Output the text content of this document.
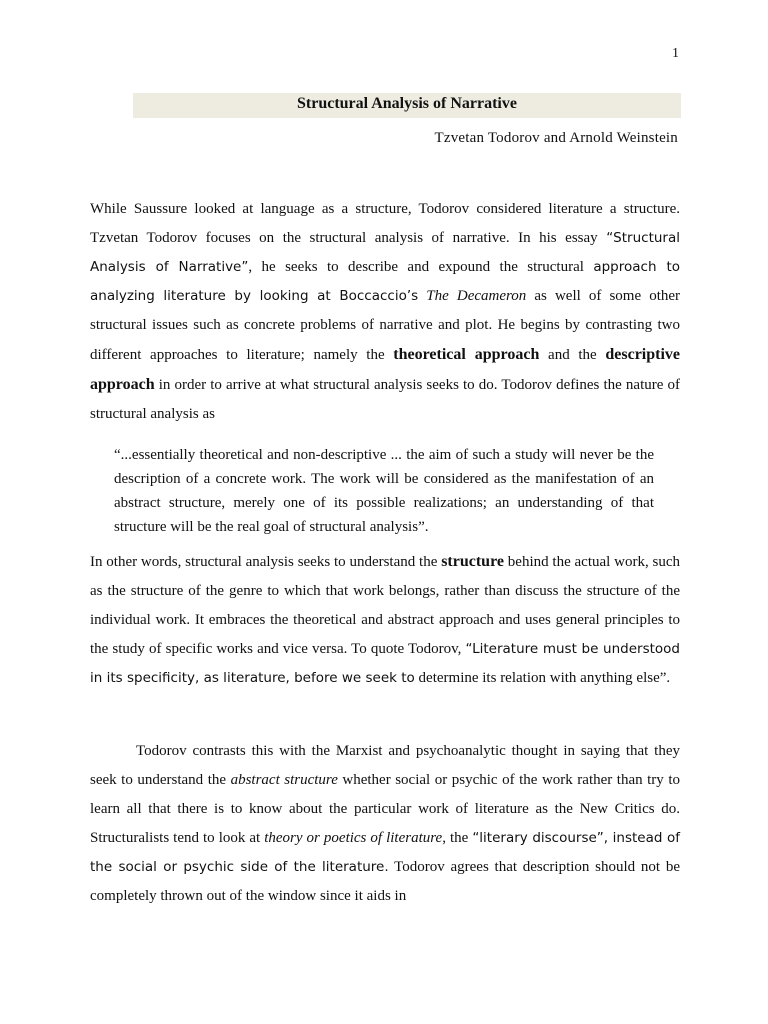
1
Structural Analysis of Narrative
Tzvetan Todorov and Arnold Weinstein

While Saussure looked at language as a structure, Todorov considered literature a structure. Tzvetan Todorov focuses on the structural analysis of narrative. In his essay “Structural Analysis of Narrative”, he seeks to describe and expound the structural approach to analyzing literature by looking at Boccaccio’s The Decameron as well of some other structural issues such as concrete problems of narrative and plot. He begins by contrasting two different approaches to literature; namely the theoretical approach and the descriptive approach in order to arrive at what structural analysis seeks to do. Todorov defines the nature of structural analysis as

“...essentially theoretical and non-descriptive ... the aim of such a study will never be the description of a concrete work. The work will be considered as the manifestation of an abstract structure, merely one of its possible realizations; an understanding of that structure will be the real goal of structural analysis”.

In other words, structural analysis seeks to understand the structure behind the actual work, such as the structure of the genre to which that work belongs, rather than discuss the structure of the individual work. It embraces the theoretical and abstract approach and uses general principles to the study of specific works and vice versa. To quote Todorov, “Literature must be understood in its specificity, as literature, before we seek to determine its relation with anything else”.

Todorov contrasts this with the Marxist and psychoanalytic thought in saying that they seek to understand the abstract structure whether social or psychic of the work rather than try to learn all that there is to know about the particular work of literature as the New Critics do. Structuralists tend to look at theory or poetics of literature, the “literary discourse”, instead of the social or psychic side of the literature. Todorov agrees that description should not be completely thrown out of the window since it aids in
